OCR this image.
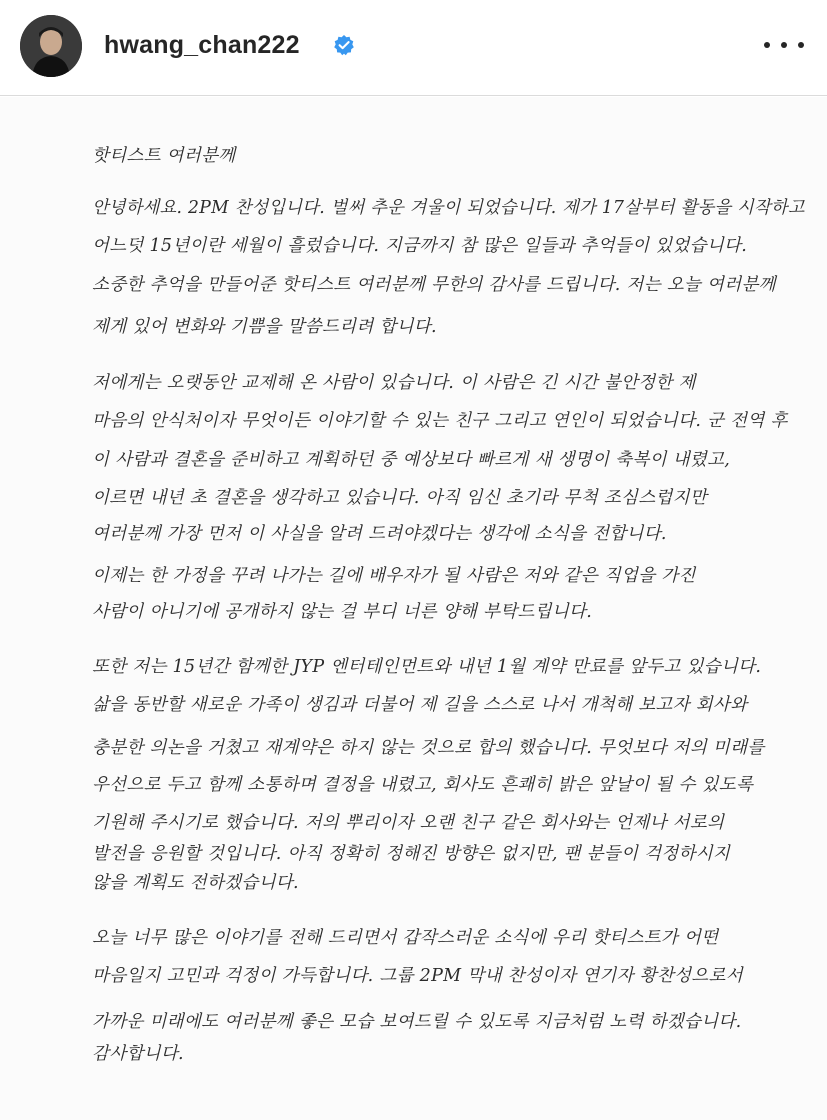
hwang_chan222
핫티스트 여러분께
안녕하세요. 2PM 찬성입니다. 벌써 추운 겨울이 되었습니다. 제가 17살부터 활동을 시작하고
어느덧 15년이란 세월이 흘렀습니다. 지금까지 참 많은 일들과 추억들이 있었습니다.
소중한 추억을 만들어준 핫티스트 여러분께 무한의 감사를 드립니다. 저는 오늘 여러분께
제게 있어 변화와 기쁨을 말씀드리려 합니다.
저에게는 오랫동안 교제해 온 사람이 있습니다. 이 사람은 긴 시간 불안정한 제
마음의 안식처이자 무엇이든 이야기할 수 있는 친구 그리고 연인이 되었습니다. 군 전역 후
이 사람과 결혼을 준비하고 계획하던 중 예상보다 빠르게 새 생명이 축복이 내렸고,
이르면 내년 초 결혼을 생각하고 있습니다. 아직 임신 초기라 무척 조심스럽지만
여러분께 가장 먼저 이 사실을 알려 드려야겠다는 생각에 소식을 전합니다.
이제는 한 가정을 꾸려 나가는 길에 배우자가 될 사람은 저와 같은 직업을 가진
사람이 아니기에 공개하지 않는 걸 부디 너른 양해 부탁드립니다.
또한 저는 15년간 함께한 JYP 엔터테인먼트와 내년 1월 계약 만료를 앞두고 있습니다.
삶을 동반할 새로운 가족이 생김과 더불어 제 길을 스스로 나서 개척해 보고자 회사와
충분한 의논을 거쳤고 재계약은 하지 않는 것으로 합의 했습니다. 무엇보다 저의 미래를
우선으로 두고 함께 소통하며 결정을 내렸고, 회사도 흔쾌히 밝은 앞날이 될 수 있도록
기원해 주시기로 했습니다. 저의 뿌리이자 오랜 친구 같은 회사와는 언제나 서로의
발전을 응원할 것입니다. 아직 정확히 정해진 방향은 없지만, 팬 분들이 걱정하시지
않을 계획도 전하겠습니다.
오늘 너무 많은 이야기를 전해 드리면서 갑작스러운 소식에 우리 핫티스트가 어떤
마음일지 고민과 걱정이 가득합니다. 그룹 2PM 막내 찬성이자 연기자 황찬성으로서
가까운 미래에도 여러분께 좋은 모습 보여드릴 수 있도록 지금처럼 노력 하겠습니다.
감사합니다.
